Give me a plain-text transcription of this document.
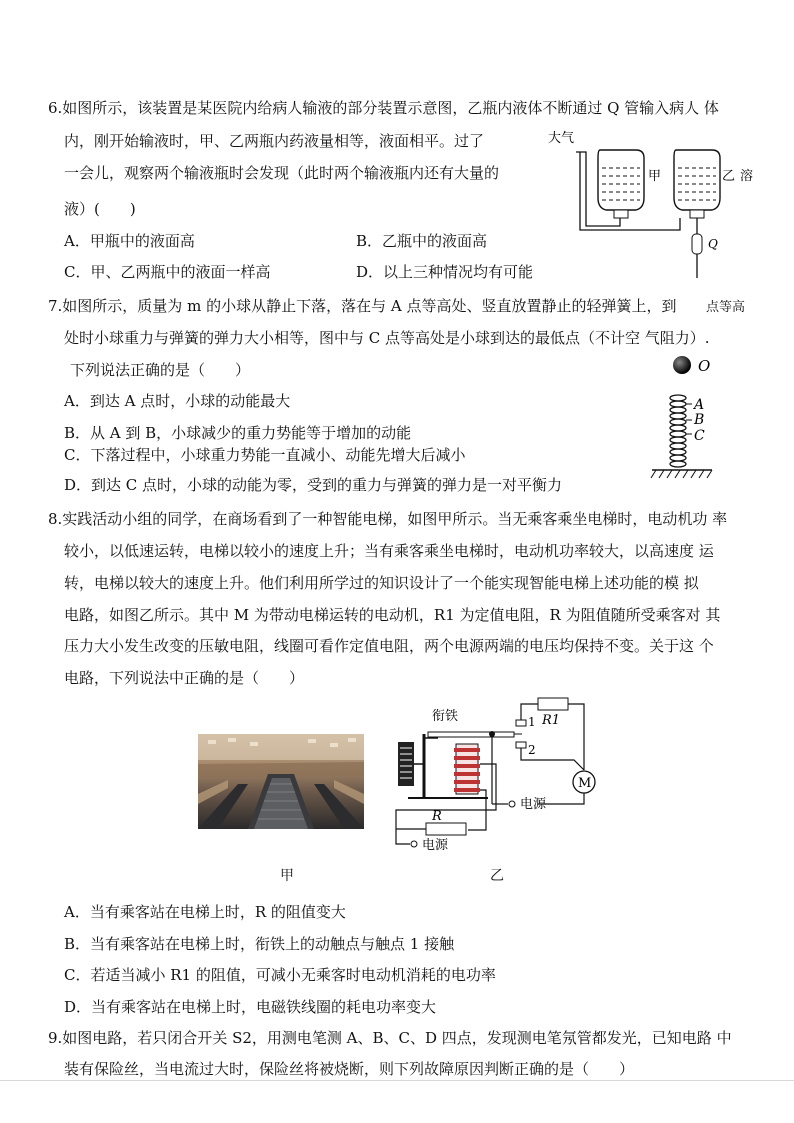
6.如图所示，该装置是某医院内给病人输液的部分装置示意图，乙瓶内液体不断通过 Q 管输入病人 体
内，刚开始输液时，甲、乙两瓶内药液量相等，液面相平。过了
一会儿，观察两个输液瓶时会发现（此时两个输液瓶内还有大量的
液）(　　)
A．甲瓶中的液面高	B．乙瓶中的液面高
C．甲、乙两瓶中的液面一样高	D．以上三种情况均有可能
大气
甲	乙 溶
Q
7.如图所示，质量为 m 的小球从静止下落，落在与 A 点等高处、竖直放置静止的轻弹簧上，到 点等高
处时小球重力与弹簧的弹力大小相等，图中与 C 点等高处是小球到达的最低点（不计空 气阻力）.
下列说法正确的是（　　）
A．到达 A 点时，小球的动能最大
B．从 A 到 B，小球减少的重力势能等于增加的动能
C．下落过程中，小球重力势能一直减小、动能先增大后减小
D．到达 C 点时，小球的动能为零，受到的重力与弹簧的弹力是一对平衡力
O
A
B
C
8.实践活动小组的同学，在商场看到了一种智能电梯，如图甲所示。当无乘客乘坐电梯时，电动机功 率
较小，以低速运转，电梯以较小的速度上升；当有乘客乘坐电梯时，电动机功率较大，以高速度 运
转，电梯以较大的速度上升。他们利用所学过的知识设计了一个能实现智能电梯上述功能的模 拟
电路，如图乙所示。其中 M 为带动电梯运转的电动机，R1 为定值电阻，R 为阻值随所受乘客对 其
压力大小发生改变的压敏电阻，线圈可看作定值电阻，两个电源两端的电压均保持不变。关于这 个
电路，下列说法中正确的是（　　）
甲
衔铁
电源
R
电源
1
2
R1
M
乙
A．当有乘客站在电梯上时，R 的阻值变大
B．当有乘客站在电梯上时，衔铁上的动触点与触点 1 接触
C．若适当减小 R1 的阻值，可减小无乘客时电动机消耗的电功率
D．当有乘客站在电梯上时，电磁铁线圈的耗电功率变大
9.如图电路，若只闭合开关 S2，用测电笔测 A、B、C、D 四点，发现测电笔氖管都发光，已知电路 中
装有保险丝，当电流过大时，保险丝将被烧断，则下列故障原因判断正确的是（　　）
